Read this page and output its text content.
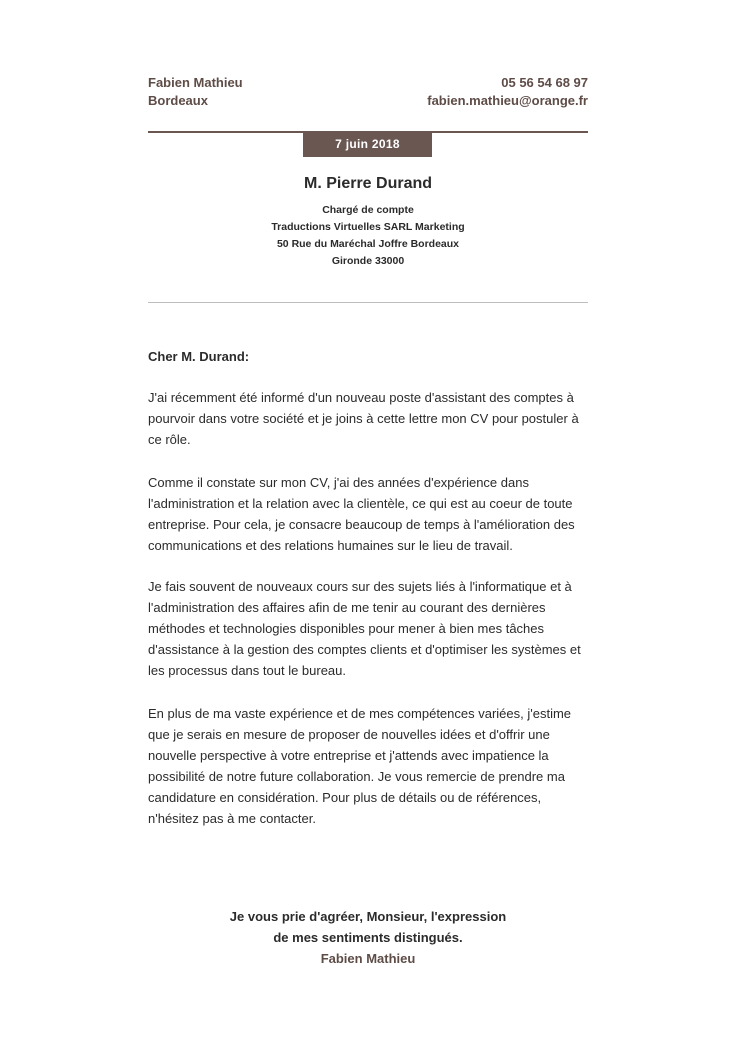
Fabien Mathieu
Bordeaux
05 56 54 68 97
fabien.mathieu@orange.fr
7 juin 2018
M. Pierre Durand
Chargé de compte
Traductions Virtuelles SARL Marketing
50 Rue du Maréchal Joffre Bordeaux
Gironde 33000
Cher M. Durand:
J'ai récemment été informé d'un nouveau poste d'assistant des comptes à pourvoir dans votre société et je joins à cette lettre mon CV pour postuler à ce rôle.
Comme il constate sur mon CV, j'ai des années d'expérience dans l'administration et la relation avec la clientèle, ce qui est au coeur de toute entreprise. Pour cela, je consacre beaucoup de temps à l'amélioration des communications et des relations humaines sur le lieu de travail.
Je fais souvent de nouveaux cours sur des sujets liés à l'informatique et à l'administration des affaires afin de me tenir au courant des dernières méthodes et technologies disponibles pour mener à bien mes tâches d'assistance à la gestion des comptes clients et d'optimiser les systèmes et les processus dans tout le bureau.
En plus de ma vaste expérience et de mes compétences variées, j'estime que je serais en mesure de proposer de nouvelles idées et d'offrir une nouvelle perspective à votre entreprise et j'attends avec impatience la possibilité de notre future collaboration. Je vous remercie de prendre ma candidature en considération. Pour plus de détails ou de références, n'hésitez pas à me contacter.
Je vous prie d'agréer, Monsieur, l'expression
de mes sentiments distingués.
Fabien Mathieu
